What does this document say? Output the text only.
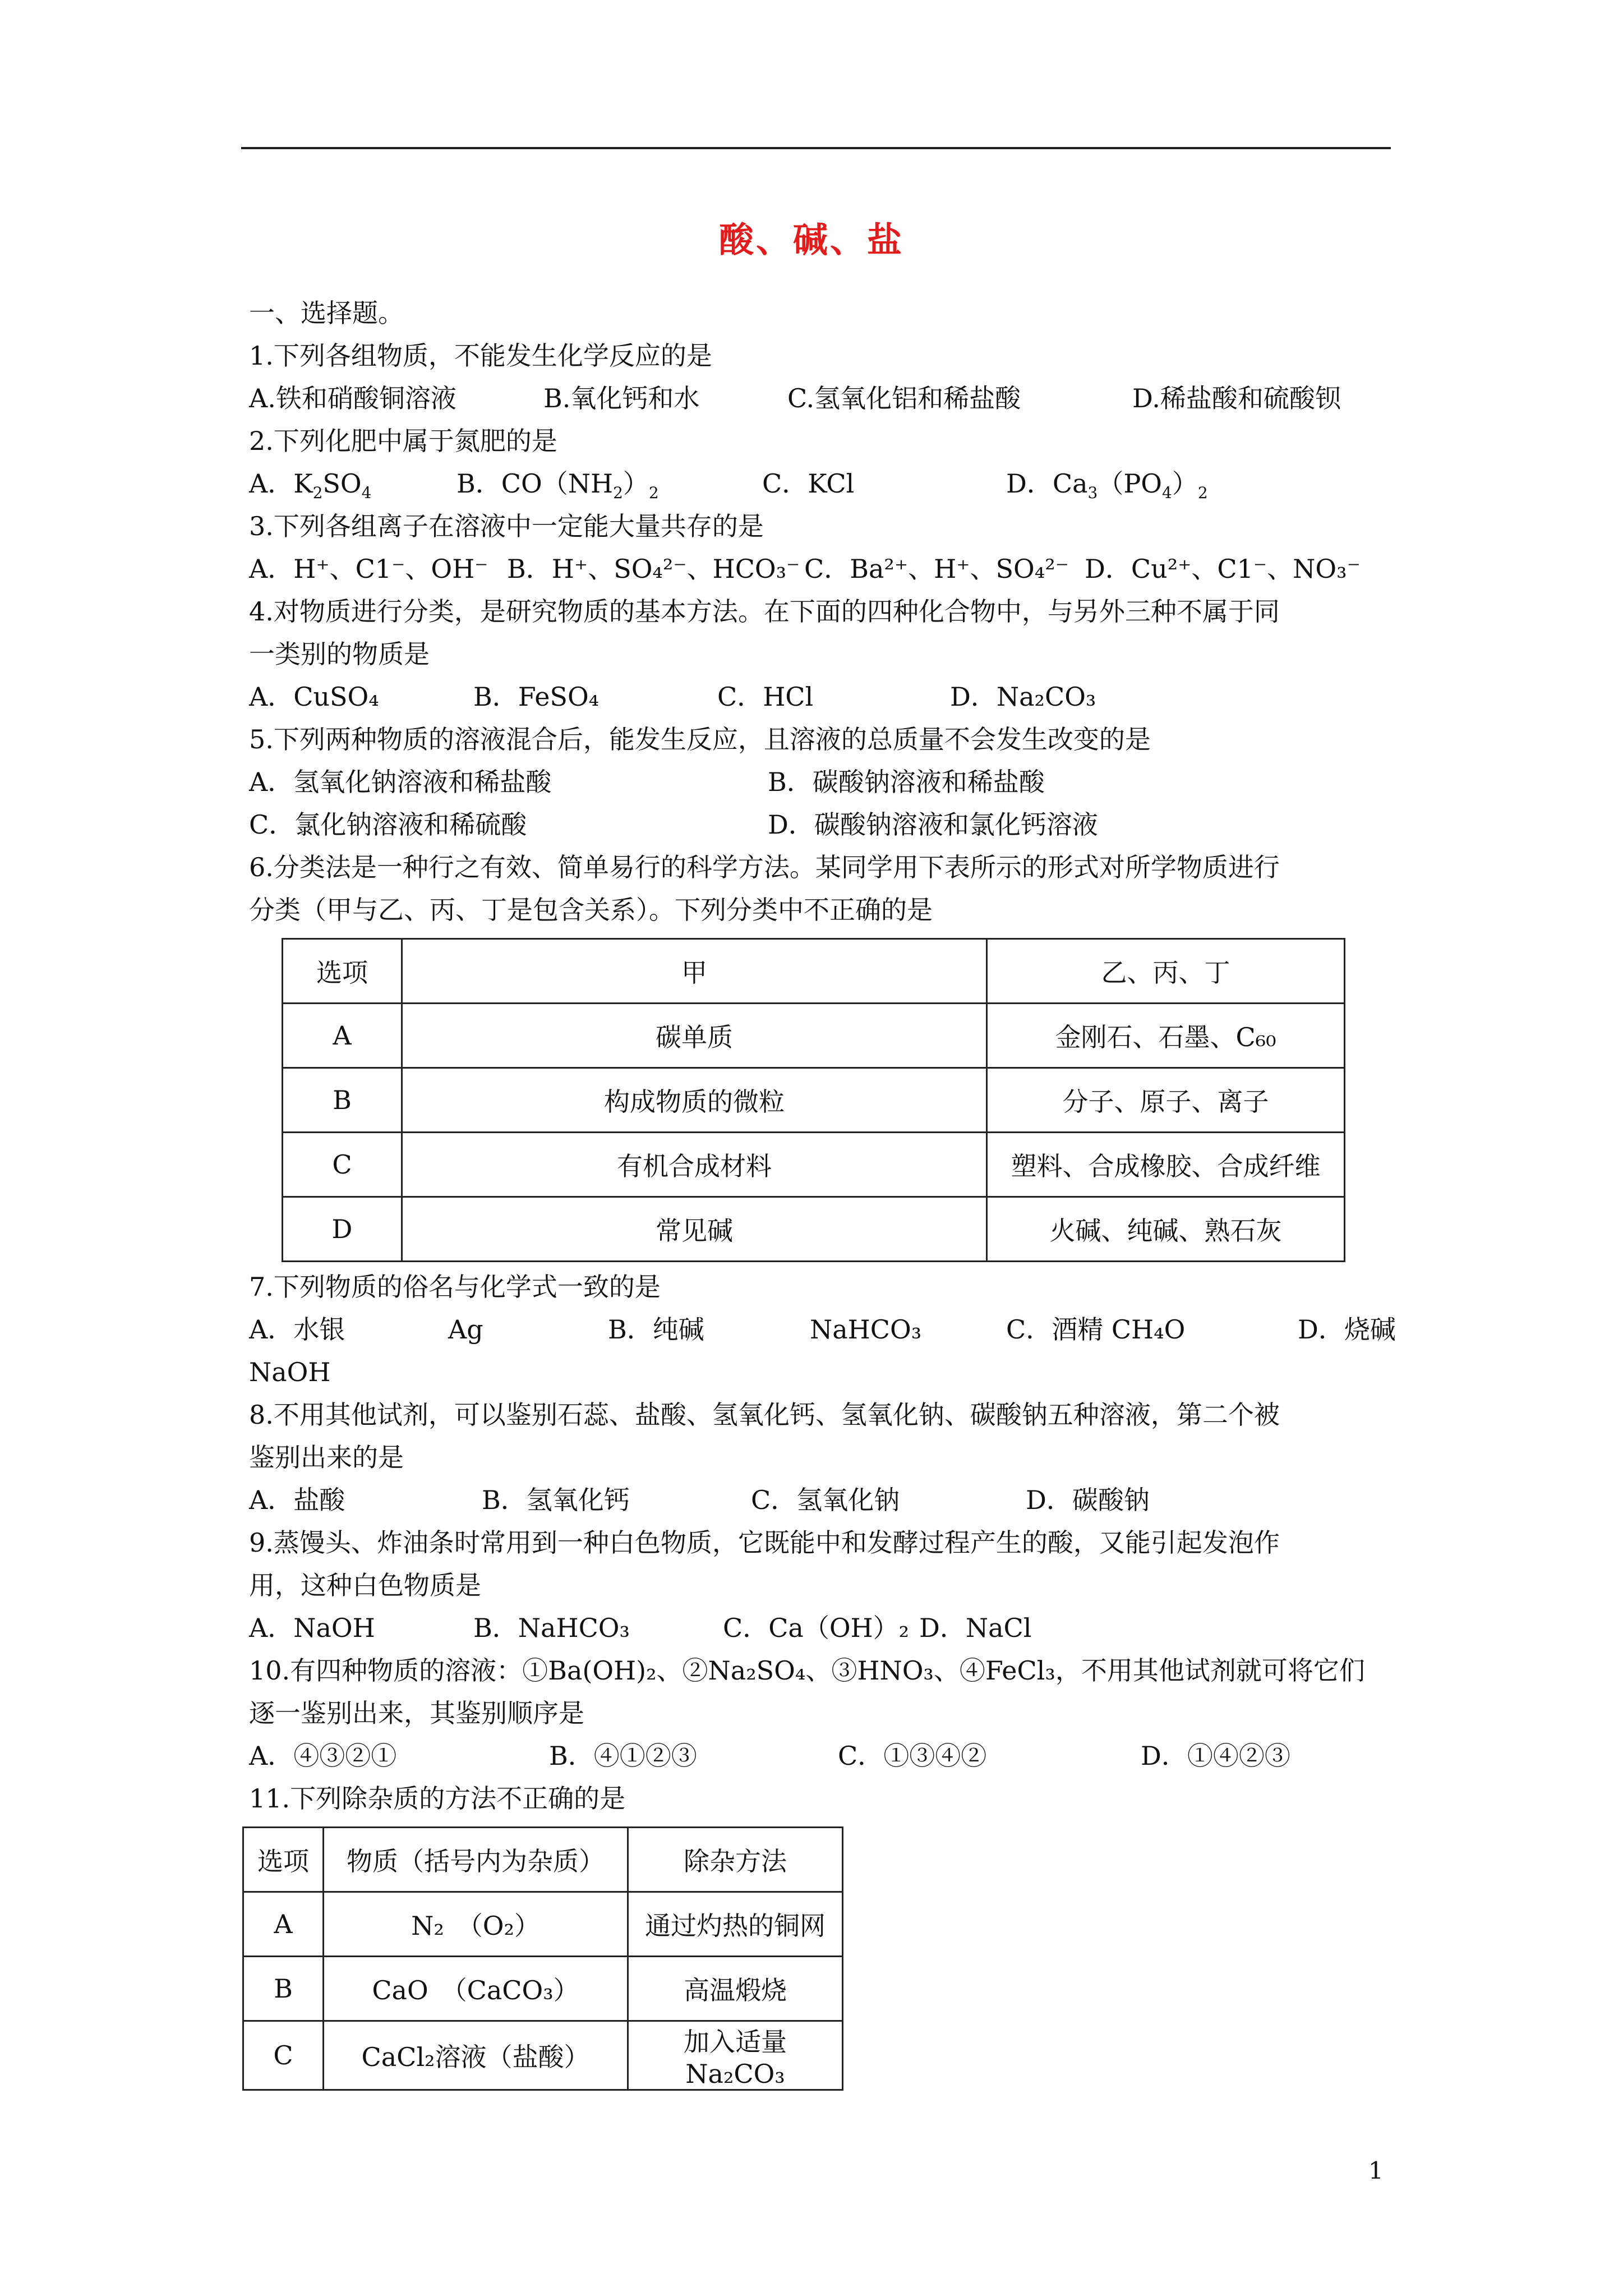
酸、碱、盐
一、选择题。
1.下列各组物质，不能发生化学反应的是
A.铁和硝酸铜溶液	B.氧化钙和水	C.氢氧化铝和稀盐酸	D.稀盐酸和硫酸钡
2.下列化肥中属于氮肥的是
A．$K_2SO_4$	B．$CO(NH_2)_2$	C．KCl	D．$Ca_3(PO_4)_2$
3.下列各组离子在溶液中一定能大量共存的是
A．H⁺、C1⁻、OH⁻ B．H⁺、SO₄²⁻、HCO₃⁻ C．Ba²⁺、H⁺、SO₄²⁻ D．Cu²⁺、C1⁻、NO₃⁻
4.对物质进行分类，是研究物质的基本方法。在下面的四种化合物中，与另外三种不属于同
一类别的物质是
A．CuSO₄	B．FeSO₄	C．HCl	D．Na₂CO₃
5.下列两种物质的溶液混合后，能发生反应，且溶液的总质量不会发生改变的是
A．氢氧化钠溶液和稀盐酸	B．碳酸钠溶液和稀盐酸
C．氯化钠溶液和稀硫酸	D．碳酸钠溶液和氯化钙溶液
6.分类法是一种行之有效、简单易行的科学方法。某同学用下表所示的形式对所学物质进行
分类（甲与乙、丙、丁是包含关系）。下列分类中不正确的是
选项	甲	乙、丙、丁
A	碳单质	金刚石、石墨、C₆₀
B	构成物质的微粒	分子、原子、离子
C	有机合成材料	塑料、合成橡胶、合成纤维
D	常见碱	火碱、纯碱、熟石灰
7.下列物质的俗名与化学式一致的是
A．水银	Ag	B．纯碱	NaHCO₃	C．酒精 CH₄O	D．烧碱
NaOH
8.不用其他试剂，可以鉴别石蕊、盐酸、氢氧化钙、氢氧化钠、碳酸钠五种溶液，第二个被
鉴别出来的是
A．盐酸	B．氢氧化钙	C．氢氧化钠	D．碳酸钠
9.蒸馒头、炸油条时常用到一种白色物质，它既能中和发酵过程产生的酸，又能引起发泡作
用，这种白色物质是
A．NaOH	B．NaHCO₃	C．Ca（OH）₂ D．NaCl
10.有四种物质的溶液：①Ba(OH)₂、②Na₂SO₄、③HNO₃、④FeCl₃，不用其他试剂就可将它们
逐一鉴别出来，其鉴别顺序是
A．④③②①	B．④①②③	C．①③④②	D．①④②③
11.下列除杂质的方法不正确的是
选项	物质（括号内为杂质）	除杂方法
A	N₂　（O₂）	通过灼热的铜网
B	CaO　（CaCO₃）	高温煅烧
C	CaCl₂溶液（盐酸）	加入适量 Na₂CO₃
1
